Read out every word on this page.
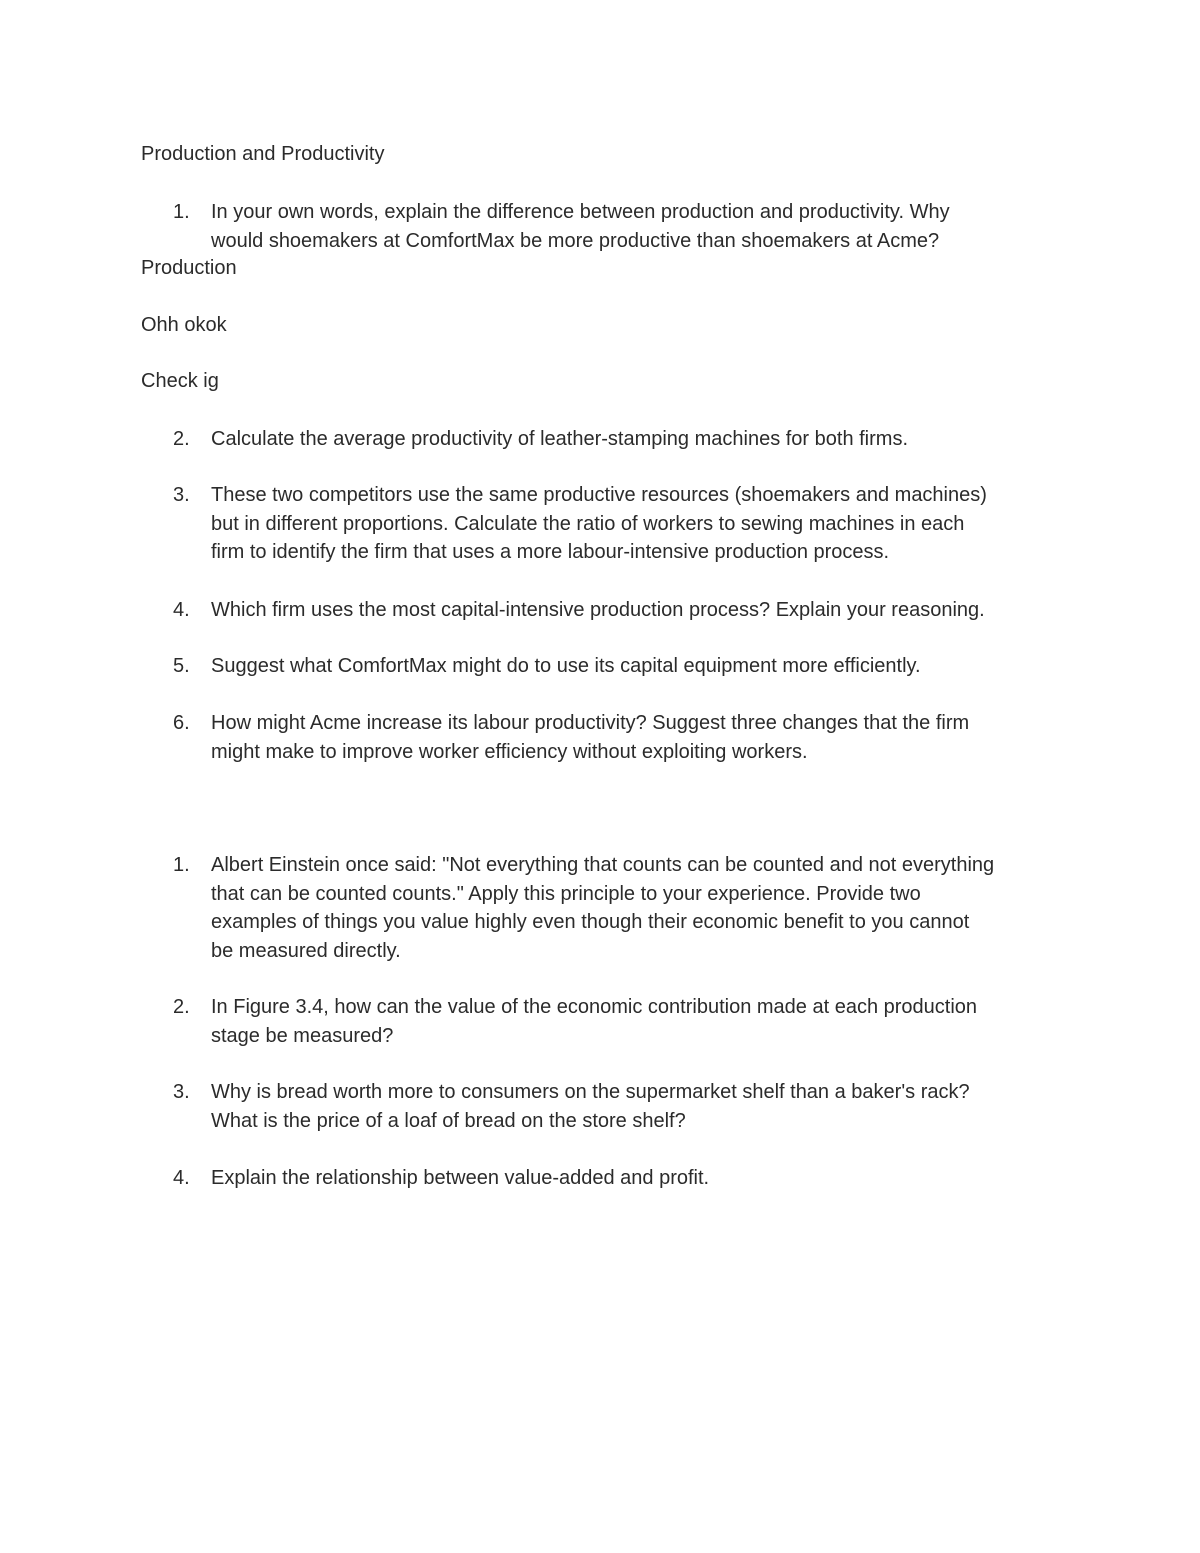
Production and Productivity
1.	In your own words, explain the difference between production and productivity. Why
would shoemakers at ComfortMax be more productive than shoemakers at Acme?
Production
Ohh okok
Check ig
2.	Calculate the average productivity of leather-stamping machines for both firms.
3.	These two competitors use the same productive resources (shoemakers and machines)
but in different proportions. Calculate the ratio of workers to sewing machines in each
firm to identify the firm that uses a more labour-intensive production process.
4.	Which firm uses the most capital-intensive production process? Explain your reasoning.
5.	Suggest what ComfortMax might do to use its capital equipment more efficiently.
6.	How might Acme increase its labour productivity? Suggest three changes that the firm
might make to improve worker efficiency without exploiting workers.
1.	Albert Einstein once said: "Not everything that counts can be counted and not everything
that can be counted counts." Apply this principle to your experience. Provide two
examples of things you value highly even though their economic benefit to you cannot
be measured directly.
2.	In Figure 3.4, how can the value of the economic contribution made at each production
stage be measured?
3.	Why is bread worth more to consumers on the supermarket shelf than a baker's rack?
What is the price of a loaf of bread on the store shelf?
4.	Explain the relationship between value-added and profit.
